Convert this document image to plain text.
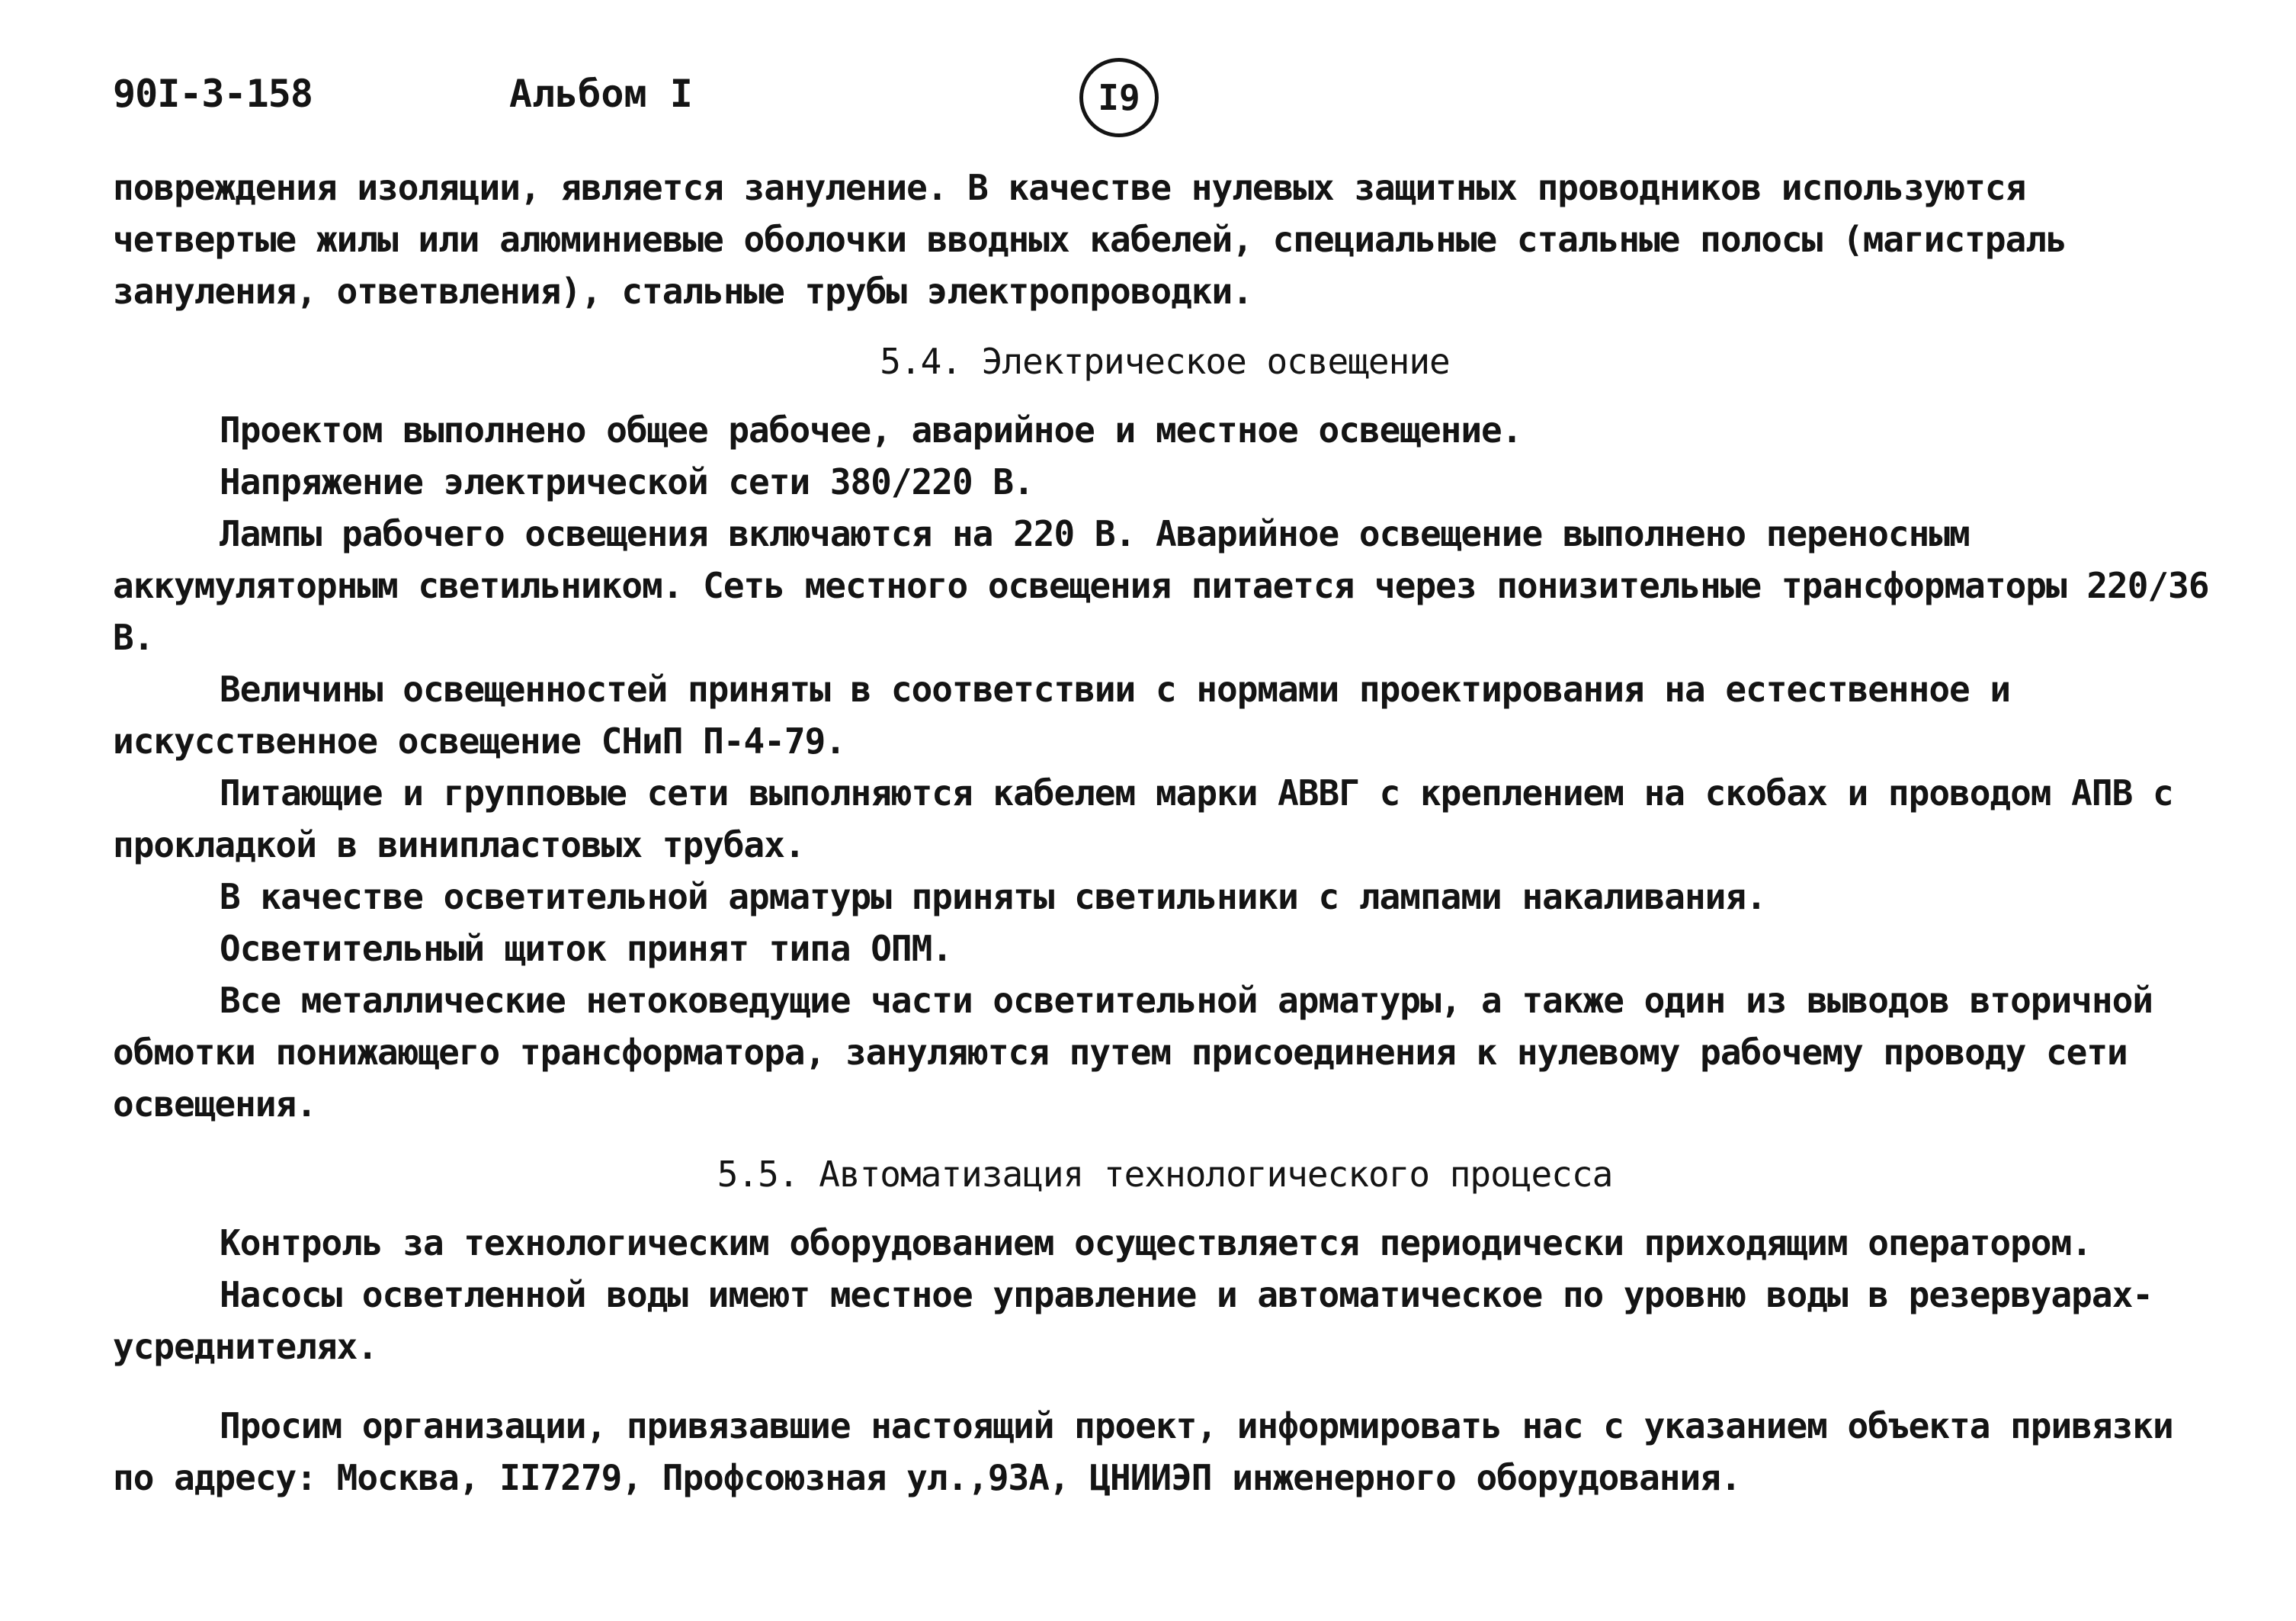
90I-3-158	Альбом I	I9

повреждения изоляции, является зануление. В качестве нулевых защитных проводников используются четвертые жилы или алюминиевые оболочки вводных кабелей, специальные стальные полосы (магистраль зануления, ответвления), стальные трубы электропроводки.

5.4. Электрическое освещение

Проектом выполнено общее рабочее, аварийное и местное освещение.

Напряжение электрической сети 380/220 В.

Лампы рабочего освещения включаются на 220 В. Аварийное освещение выполнено переносным аккумуляторным светильником. Сеть местного освещения питается через понизительные трансформаторы 220/36 В.

Величины освещенностей приняты в соответствии с нормами проектирования на естественное и искусственное освещение СНиП П-4-79.

Питающие и групповые сети выполняются кабелем марки АВВГ с креплением на скобах и проводом АПВ с прокладкой в винипластовых трубах.

В качестве осветительной арматуры приняты светильники с лампами накаливания.

Осветительный щиток принят типа ОПМ.

Все металлические нетоковедущие части осветительной арматуры, а также один из выводов вторичной обмотки понижающего трансформатора, зануляются путем присоединения к нулевому рабочему проводу сети освещения.

5.5. Автоматизация технологического процесса

Контроль за технологическим оборудованием осуществляется периодически приходящим оператором.

Насосы осветленной воды имеют местное управление и автоматическое по уровню воды в резервуарах-усреднителях.

Просим организации, привязавшие настоящий проект, информировать нас с указанием объекта привязки по адресу: Москва, II7279, Профсоюзная ул.,93А, ЦНИИЭП инженерного оборудования.
